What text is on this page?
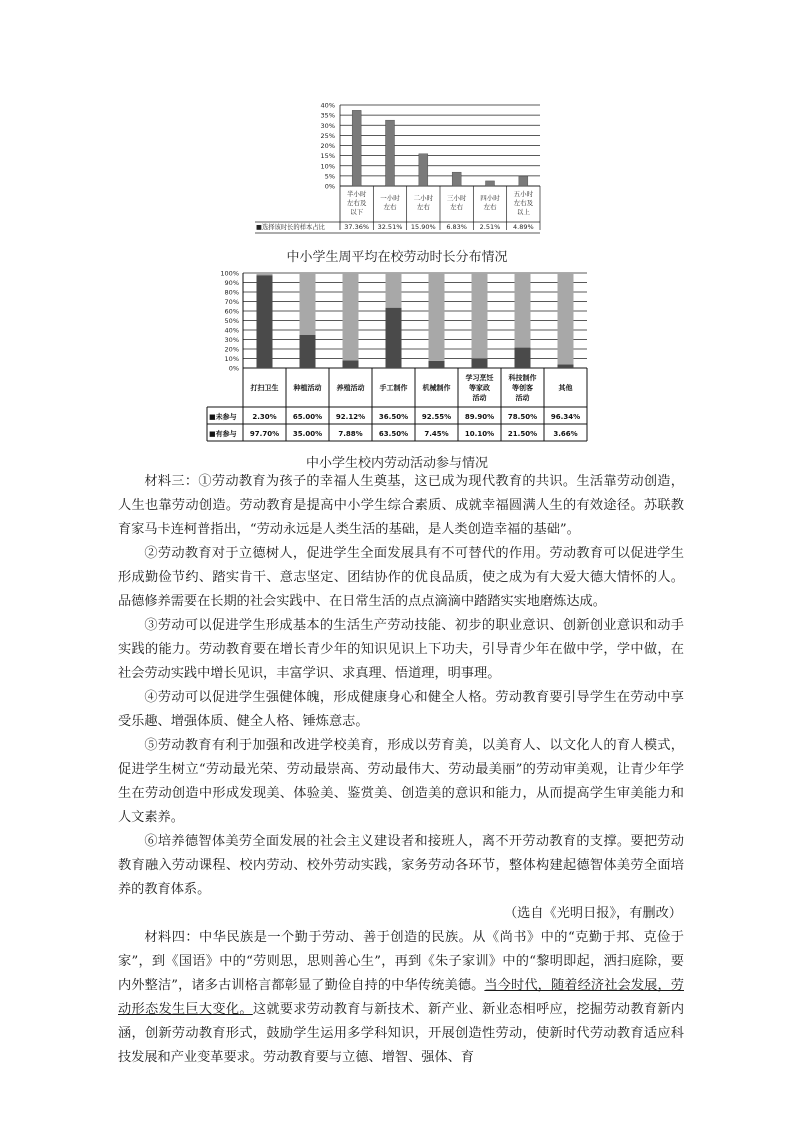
40%
35%
30%
25%
20%
15%
10%
5%
0%
半小时
左右及
以下
37.36%
一小时
左右
32.51%
二小时
左右
15.90%
三小时
左右
6.83%
四小时
左右
2.51%
五小时
左右及
以上
4.89%
■选择该时长的样本占比
中小学生周平均在校劳动时长分布情况
100%
90%
80%
70%
60%
50%
40%
30%
20%
10%
0%
打扫卫生
2.30%
97.70%
种植活动
65.00%
35.00%
养殖活动
92.12%
7.88%
手工制作
36.50%
63.50%
机械制作
92.55%
7.45%
学习烹饪
等家政
活动
89.90%
10.10%
科技制作
等创客
活动
78.50%
21.50%
其他
96.34%
3.66%
■未参与
■有参与
中小学生校内劳动活动参与情况

材料三：①劳动教育为孩子的幸福人生奠基，这已成为现代教育的共识。生活靠劳动创造，人生也靠劳动创造。劳动教育是提高中小学生综合素质、成就幸福圆满人生的有效途径。苏联教育家马卡连柯普指出，“劳动永远是人类生活的基础，是人类创造幸福的基础”。

②劳动教育对于立德树人，促进学生全面发展具有不可替代的作用。劳动教育可以促进学生形成勤俭节约、踏实肯干、意志坚定、团结协作的优良品质，使之成为有大爱大德大情怀的人。品德修养需要在长期的社会实践中、在日常生活的点点滴滴中踏踏实实地磨炼达成。

③劳动可以促进学生形成基本的生活生产劳动技能、初步的职业意识、创新创业意识和动手实践的能力。劳动教育要在增长青少年的知识见识上下功夫，引导青少年在做中学，学中做，在社会劳动实践中增长见识，丰富学识、求真理、悟道理，明事理。

④劳动可以促进学生强健体魄，形成健康身心和健全人格。劳动教育要引导学生在劳动中享受乐趣、增强体质、健全人格、锤炼意志。

⑤劳动教育有利于加强和改进学校美育，形成以劳育美，以美育人、以文化人的育人模式，促进学生树立“劳动最光荣、劳动最崇高、劳动最伟大、劳动最美丽”的劳动审美观，让青少年学生在劳动创造中形成发现美、体验美、鉴赏美、创造美的意识和能力，从而提高学生审美能力和人文素养。

⑥培养德智体美劳全面发展的社会主义建设者和接班人，离不开劳动教育的支撑。要把劳动教育融入劳动课程、校内劳动、校外劳动实践，家务劳动各环节，整体构建起德智体美劳全面培养的教育体系。

（选自《光明日报》，有删改）

材料四：中华民族是一个勤于劳动、善于创造的民族。从《尚书》中的“克勤于邦、克俭于家”，到《国语》中的“劳则思，思则善心生”，再到《朱子家训》中的“黎明即起，洒扫庭除，要内外整洁”，诸多古训格言都彰显了勤俭自持的中华传统美德。当今时代，随着经济社会发展，劳动形态发生巨大变化。这就要求劳动教育与新技术、新产业、新业态相呼应，挖掘劳动教育新内涵，创新劳动教育形式，鼓励学生运用多学科知识，开展创造性劳动，使新时代劳动教育适应科技发展和产业变革要求。劳动教育要与立德、增智、强体、育
